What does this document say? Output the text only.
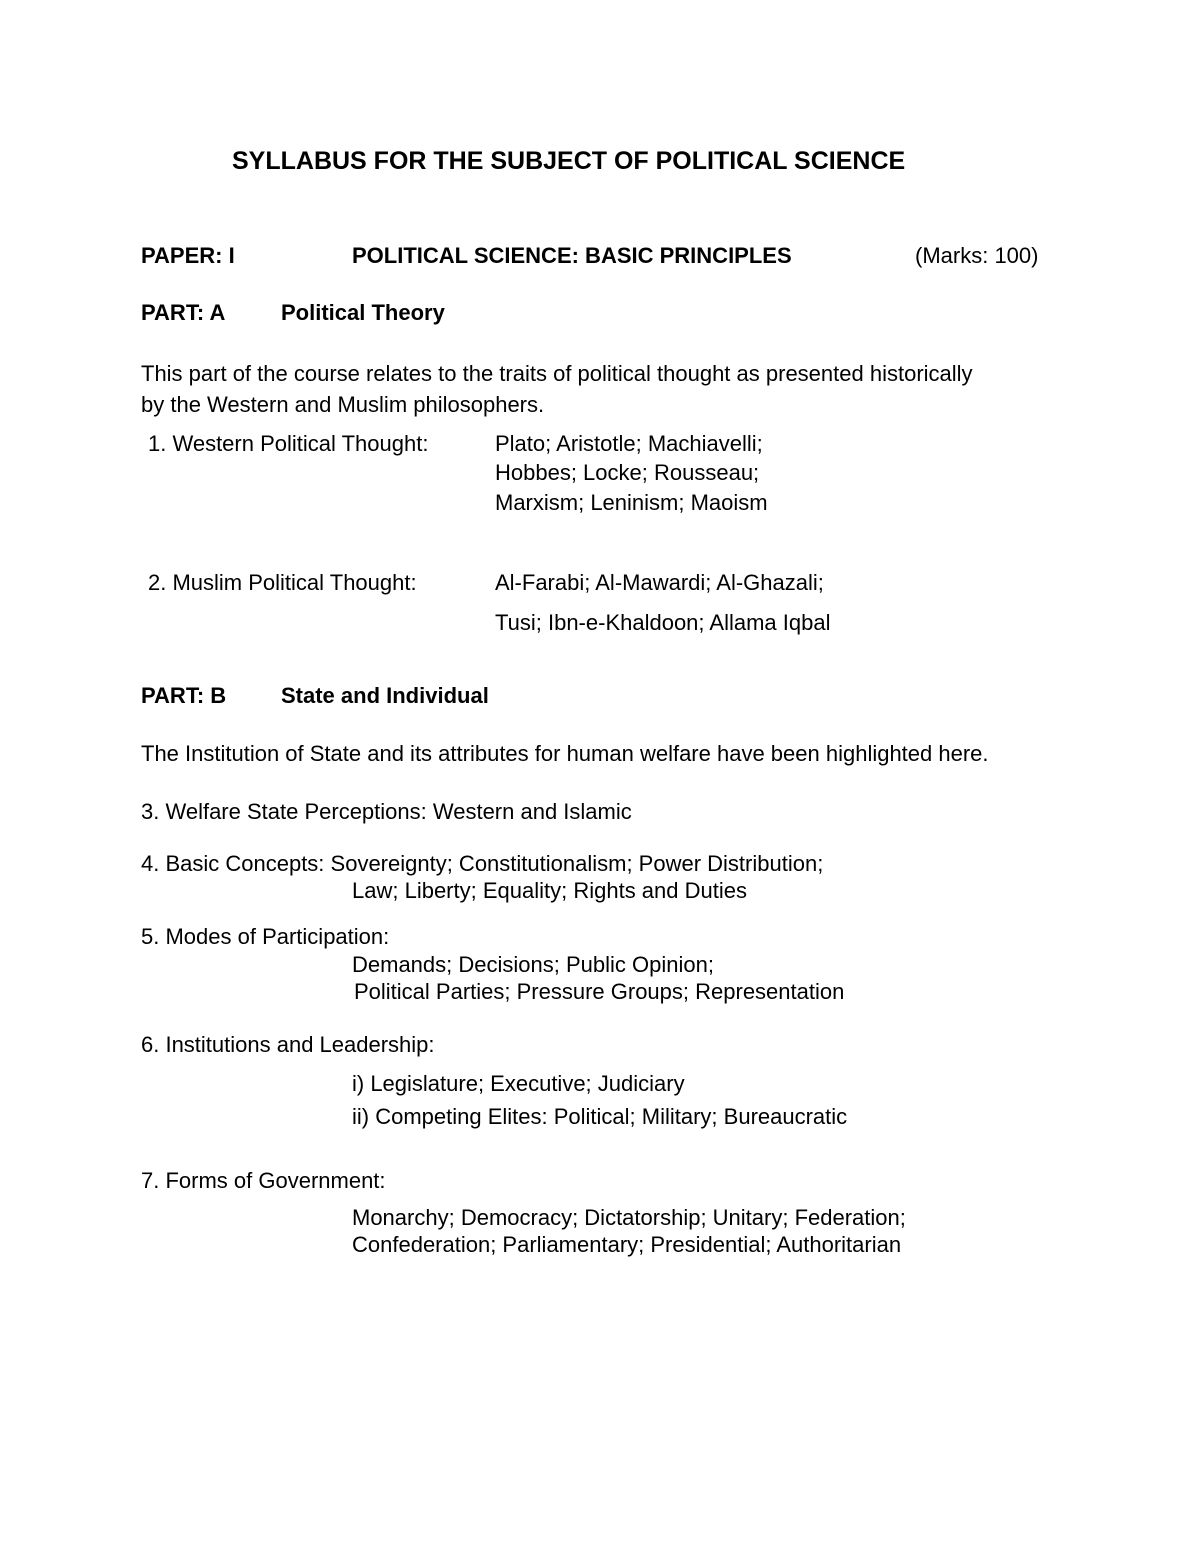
SYLLABUS FOR THE SUBJECT OF POLITICAL SCIENCE
PAPER: I	POLITICAL SCIENCE: BASIC PRINCIPLES	(Marks: 100)
PART: A	Political Theory
This part of the course relates to the traits of political thought as presented historically
by the Western and Muslim philosophers.
1. Western Political Thought:	Plato; Aristotle; Machiavelli;
Hobbes; Locke; Rousseau;
Marxism; Leninism; Maoism
2. Muslim Political Thought:	Al-Farabi; Al-Mawardi; Al-Ghazali;
Tusi; Ibn-e-Khaldoon; Allama Iqbal
PART: B State and Individual
The Institution of State and its attributes for human welfare have been highlighted here.
3. Welfare State Perceptions: Western and Islamic
4. Basic Concepts: Sovereignty; Constitutionalism; Power Distribution;
Law; Liberty; Equality; Rights and Duties
5. Modes of Participation:
Demands; Decisions; Public Opinion;
Political Parties; Pressure Groups; Representation
6. Institutions and Leadership:
i) Legislature; Executive; Judiciary
ii) Competing Elites: Political; Military; Bureaucratic
7. Forms of Government:
Monarchy; Democracy; Dictatorship; Unitary; Federation;
Confederation; Parliamentary; Presidential; Authoritarian
